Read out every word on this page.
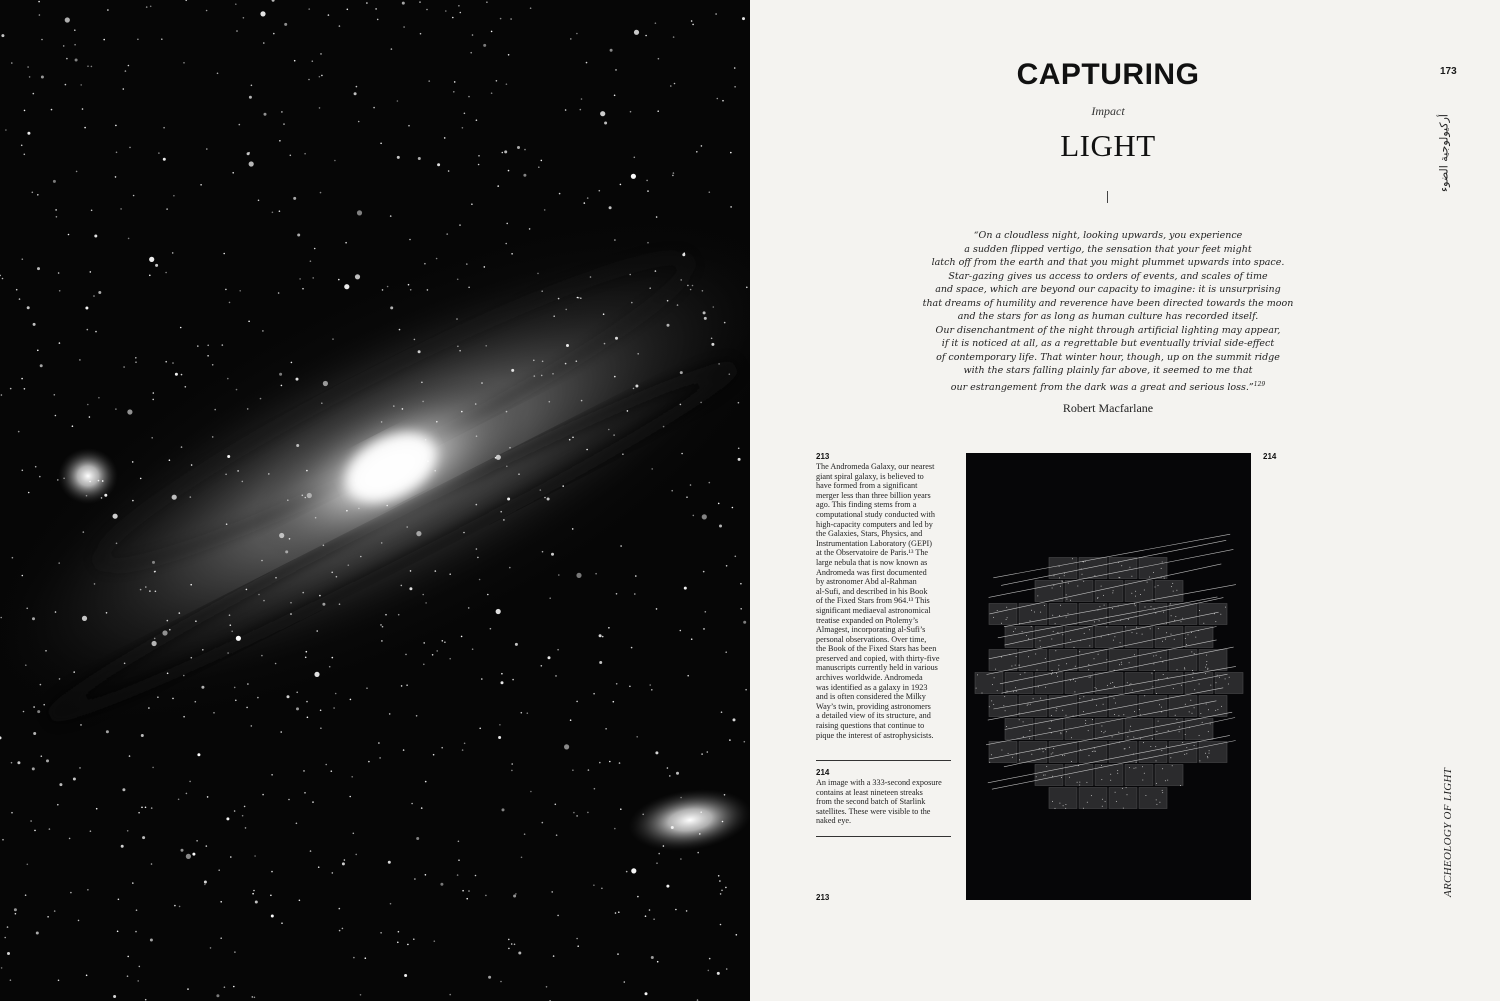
CAPTURING
Impact
LIGHT
173
أركيولوجية الضوء
ARCHEOLOGY OF LIGHT
“On a cloudless night, looking upwards, you experience
a sudden flipped vertigo, the sensation that your feet might
latch off from the earth and that you might plummet upwards into space.
Star-gazing gives us access to orders of events, and scales of time
and space, which are beyond our capacity to imagine: it is unsurprising
that dreams of humility and reverence have been directed towards the moon
and the stars for as long as human culture has recorded itself.
Our disenchantment of the night through artificial lighting may appear,
if it is noticed at all, as a regrettable but eventually trivial side-effect
of contemporary life. That winter hour, though, up on the summit ridge
with the stars falling plainly far above, it seemed to me that
our estrangement from the dark was a great and serious loss.”$^{129}$
Robert Macfarlane
213
The Andromeda Galaxy, our nearest
giant spiral galaxy, is believed to
have formed from a significant
merger less than three billion years
ago. This finding stems from a
computational study conducted with
high-capacity computers and led by
the Galaxies, Stars, Physics, and
Instrumentation Laboratory (GEPI)
at the Observatoire de Paris.¹³ The
large nebula that is now known as
Andromeda was first documented
by astronomer Abd al-Rahman
al-Sufi, and described in his Book
of the Fixed Stars from 964.¹³ This
significant mediaeval astronomical
treatise expanded on Ptolemy’s
Almagest, incorporating al-Sufi’s
personal observations. Over time,
the Book of the Fixed Stars has been
preserved and copied, with thirty-five
manuscripts currently held in various
archives worldwide. Andromeda
was identified as a galaxy in 1923
and is often considered the Milky
Way’s twin, providing astronomers
a detailed view of its structure, and
raising questions that continue to
pique the interest of astrophysicists.
214
An image with a 333-second exposure
contains at least nineteen streaks
from the second batch of Starlink
satellites. These were visible to the
naked eye.
213
214
